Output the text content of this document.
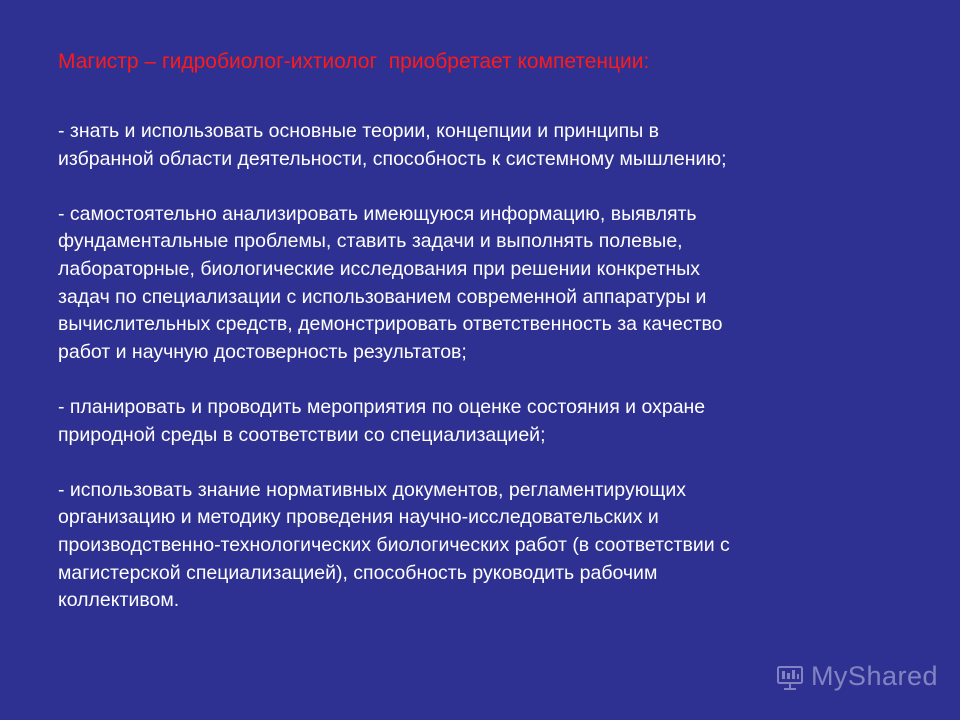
Магистр – гидробиолог-ихтиолог  приобретает компетенции:

- знать и использовать основные теории, концепции и принципы в
избранной области деятельности, способность к системному мышлению;

- самостоятельно анализировать имеющуюся информацию, выявлять
фундаментальные проблемы, ставить задачи и выполнять полевые,
лабораторные, биологические исследования при решении конкретных
задач по специализации с использованием современной аппаратуры и
вычислительных средств, демонстрировать ответственность за качество
работ и научную достоверность результатов;

- планировать и проводить мероприятия по оценке состояния и охране
природной среды в соответствии со специализацией;

- использовать знание нормативных документов, регламентирующих
организацию и методику проведения научно-исследовательских и
производственно-технологических биологических работ (в соответствии с
магистерской специализацией), способность руководить рабочим
коллективом.

MyShared
